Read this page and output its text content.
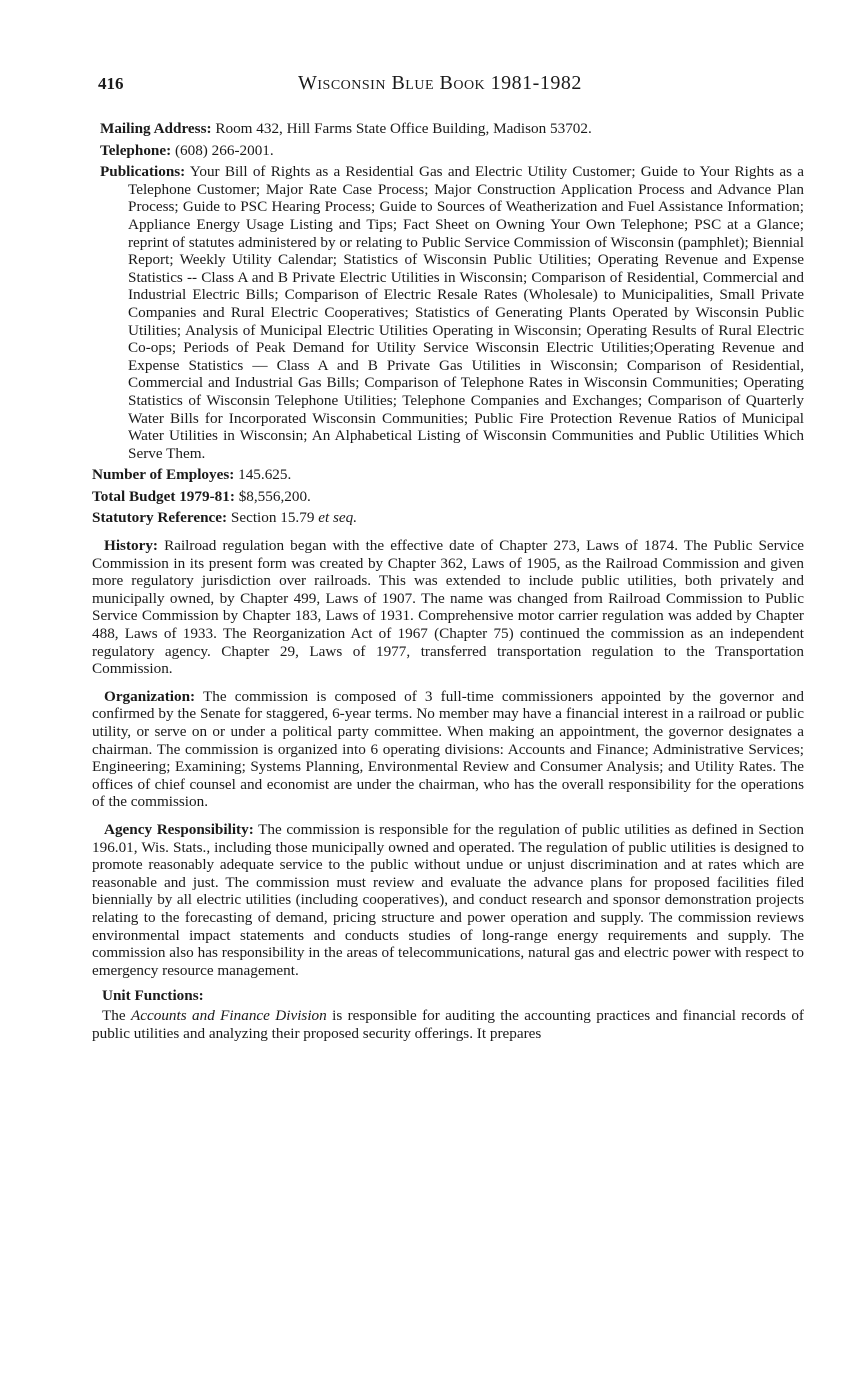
416	Wisconsin Blue Book 1981-1982

Mailing Address: Room 432, Hill Farms State Office Building, Madison 53702.

Telephone: (608) 266-2001.

Publications: Your Bill of Rights as a Residential Gas and Electric Utility Customer; Guide to Your Rights as a Telephone Customer; Major Rate Case Process; Major Construction Application Process and Advance Plan Process; Guide to PSC Hearing Process; Guide to Sources of Weatherization and Fuel Assistance Information; Appliance Energy Usage Listing and Tips; Fact Sheet on Owning Your Own Telephone; PSC at a Glance; reprint of statutes administered by or relating to Public Service Commission of Wisconsin (pamphlet); Biennial Report; Weekly Utility Calendar; Statistics of Wisconsin Public Utilities; Operating Revenue and Expense Statistics -- Class A and B Private Electric Utilities in Wisconsin; Comparison of Residential, Commercial and Industrial Electric Bills; Comparison of Electric Resale Rates (Wholesale) to Municipalities, Small Private Companies and Rural Electric Cooperatives; Statistics of Generating Plants Operated by Wisconsin Public Utilities; Analysis of Municipal Electric Utilities Operating in Wisconsin; Operating Results of Rural Electric Co-ops; Periods of Peak Demand for Utility Service Wisconsin Electric Utilities;Operating Revenue and Expense Statistics — Class A and B Private Gas Utilities in Wisconsin; Comparison of Residential, Commercial and Industrial Gas Bills; Comparison of Telephone Rates in Wisconsin Communities; Operating Statistics of Wisconsin Telephone Utilities; Telephone Companies and Exchanges; Comparison of Quarterly Water Bills for Incorporated Wisconsin Communities; Public Fire Protection Revenue Ratios of Municipal Water Utilities in Wisconsin; An Alphabetical Listing of Wisconsin Communities and Public Utilities Which Serve Them.

Number of Employes: 145.625.

Total Budget 1979-81: $8,556,200.

Statutory Reference: Section 15.79 et seq.

History: Railroad regulation began with the effective date of Chapter 273, Laws of 1874. The Public Service Commission in its present form was created by Chapter 362, Laws of 1905, as the Railroad Commission and given more regulatory jurisdiction over railroads. This was extended to include public utilities, both privately and municipally owned, by Chapter 499, Laws of 1907. The name was changed from Railroad Commission to Public Service Commission by Chapter 183, Laws of 1931. Comprehensive motor carrier regulation was added by Chapter 488, Laws of 1933. The Reorganization Act of 1967 (Chapter 75) continued the commission as an independent regulatory agency. Chapter 29, Laws of 1977, transferred transportation regulation to the Transportation Commission.

Organization: The commission is composed of 3 full-time commissioners appointed by the governor and confirmed by the Senate for staggered, 6-year terms. No member may have a financial interest in a railroad or public utility, or serve on or under a political party committee. When making an appointment, the governor designates a chairman. The commission is organized into 6 operating divisions: Accounts and Finance; Administrative Services; Engineering; Examining; Systems Planning, Environmental Review and Consumer Analysis; and Utility Rates. The offices of chief counsel and economist are under the chairman, who has the overall responsibility for the operations of the commission.

Agency Responsibility: The commission is responsible for the regulation of public utilities as defined in Section 196.01, Wis. Stats., including those municipally owned and operated. The regulation of public utilities is designed to promote reasonably adequate service to the public without undue or unjust discrimination and at rates which are reasonable and just. The commission must review and evaluate the advance plans for proposed facilities filed biennially by all electric utilities (including cooperatives), and conduct research and sponsor demonstration projects relating to the forecasting of demand, pricing structure and power operation and supply. The commission reviews environmental impact statements and conducts studies of long-range energy requirements and supply. The commission also has responsibility in the areas of telecommunications, natural gas and electric power with respect to emergency resource management.

Unit Functions:

The Accounts and Finance Division is responsible for auditing the accounting practices and financial records of public utilities and analyzing their proposed security offerings. It prepares
